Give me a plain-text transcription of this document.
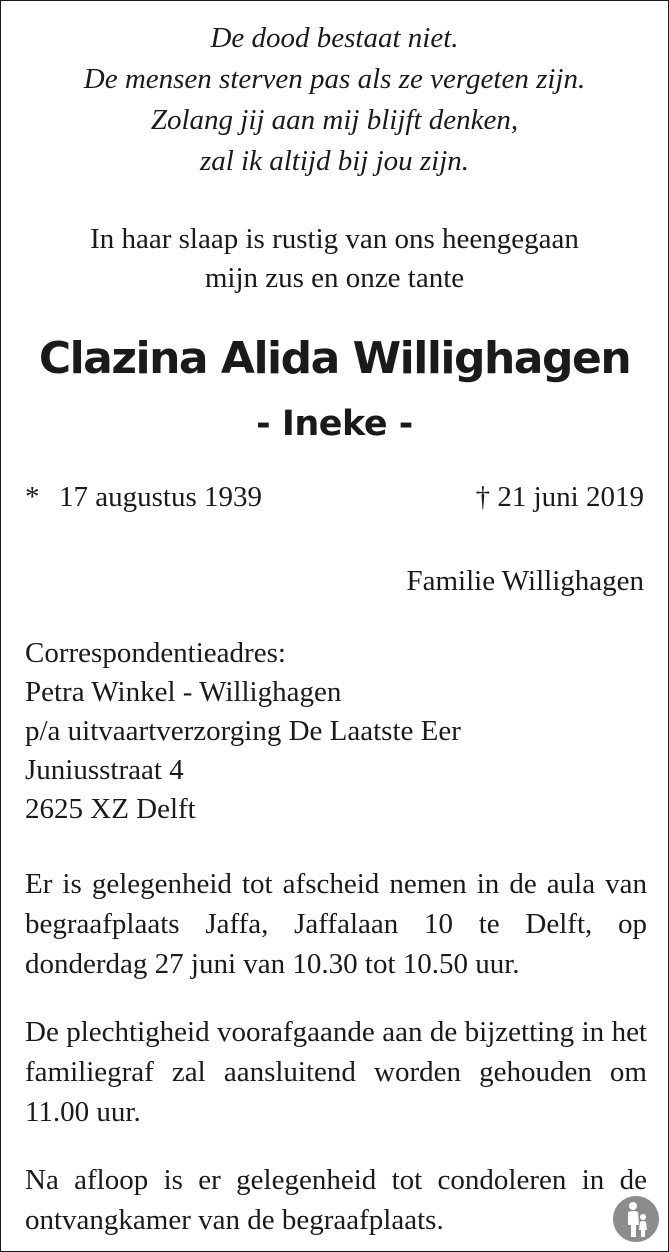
De dood bestaat niet.
De mensen sterven pas als ze vergeten zijn.
Zolang jij aan mij blijft denken,
zal ik altijd bij jou zijn.
In haar slaap is rustig van ons heengegaan
mijn zus en onze tante
Clazina Alida Willighagen
- Ineke -
* 17 augustus 1939	† 21 juni 2019
Familie Willighagen
Correspondentieadres:
Petra Winkel - Willighagen
p/a uitvaartverzorging De Laatste Eer
Juniusstraat 4
2625 XZ Delft
Er is gelegenheid tot afscheid nemen in de aula van begraafplaats Jaffa, Jaffalaan 10 te Delft, op donderdag 27 juni van 10.30 tot 10.50 uur.
De plechtigheid voorafgaande aan de bijzetting in het familiegraf zal aansluitend worden gehouden om 11.00 uur.
Na afloop is er gelegenheid tot condoleren in de ontvangkamer van de begraafplaats.
